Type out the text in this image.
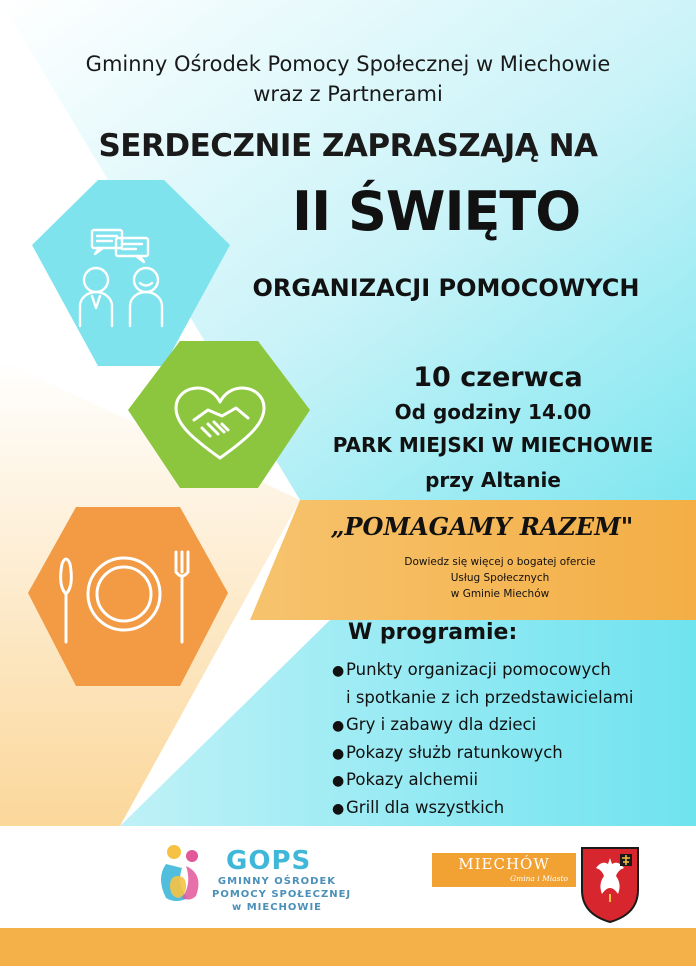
Gminny Ośrodek Pomocy Społecznej w Miechowie
wraz z Partnerami
SERDECZNIE ZAPRASZAJĄ NA
II ŚWIĘTO
ORGANIZACJI POMOCOWYCH
10 czerwca
Od godziny 14.00
PARK MIEJSKI W MIECHOWIE
przy Altanie
„POMAGAMY RAZEM"
Dowiedz się więcej o bogatej ofercie
Usług Społecznych
w Gminie Miechów
W programie:
● Punkty organizacji pomocowych
i spotkanie z ich przedstawicielami
● Gry i zabawy dla dzieci
● Pokazy służb ratunkowych
● Pokazy alchemii
● Grill dla wszystkich
GOPS
GMINNY OŚRODEK
POMOCY SPOŁECZNEJ
w MIECHOWIE
MIECHÓW
Gmina i Miasto
